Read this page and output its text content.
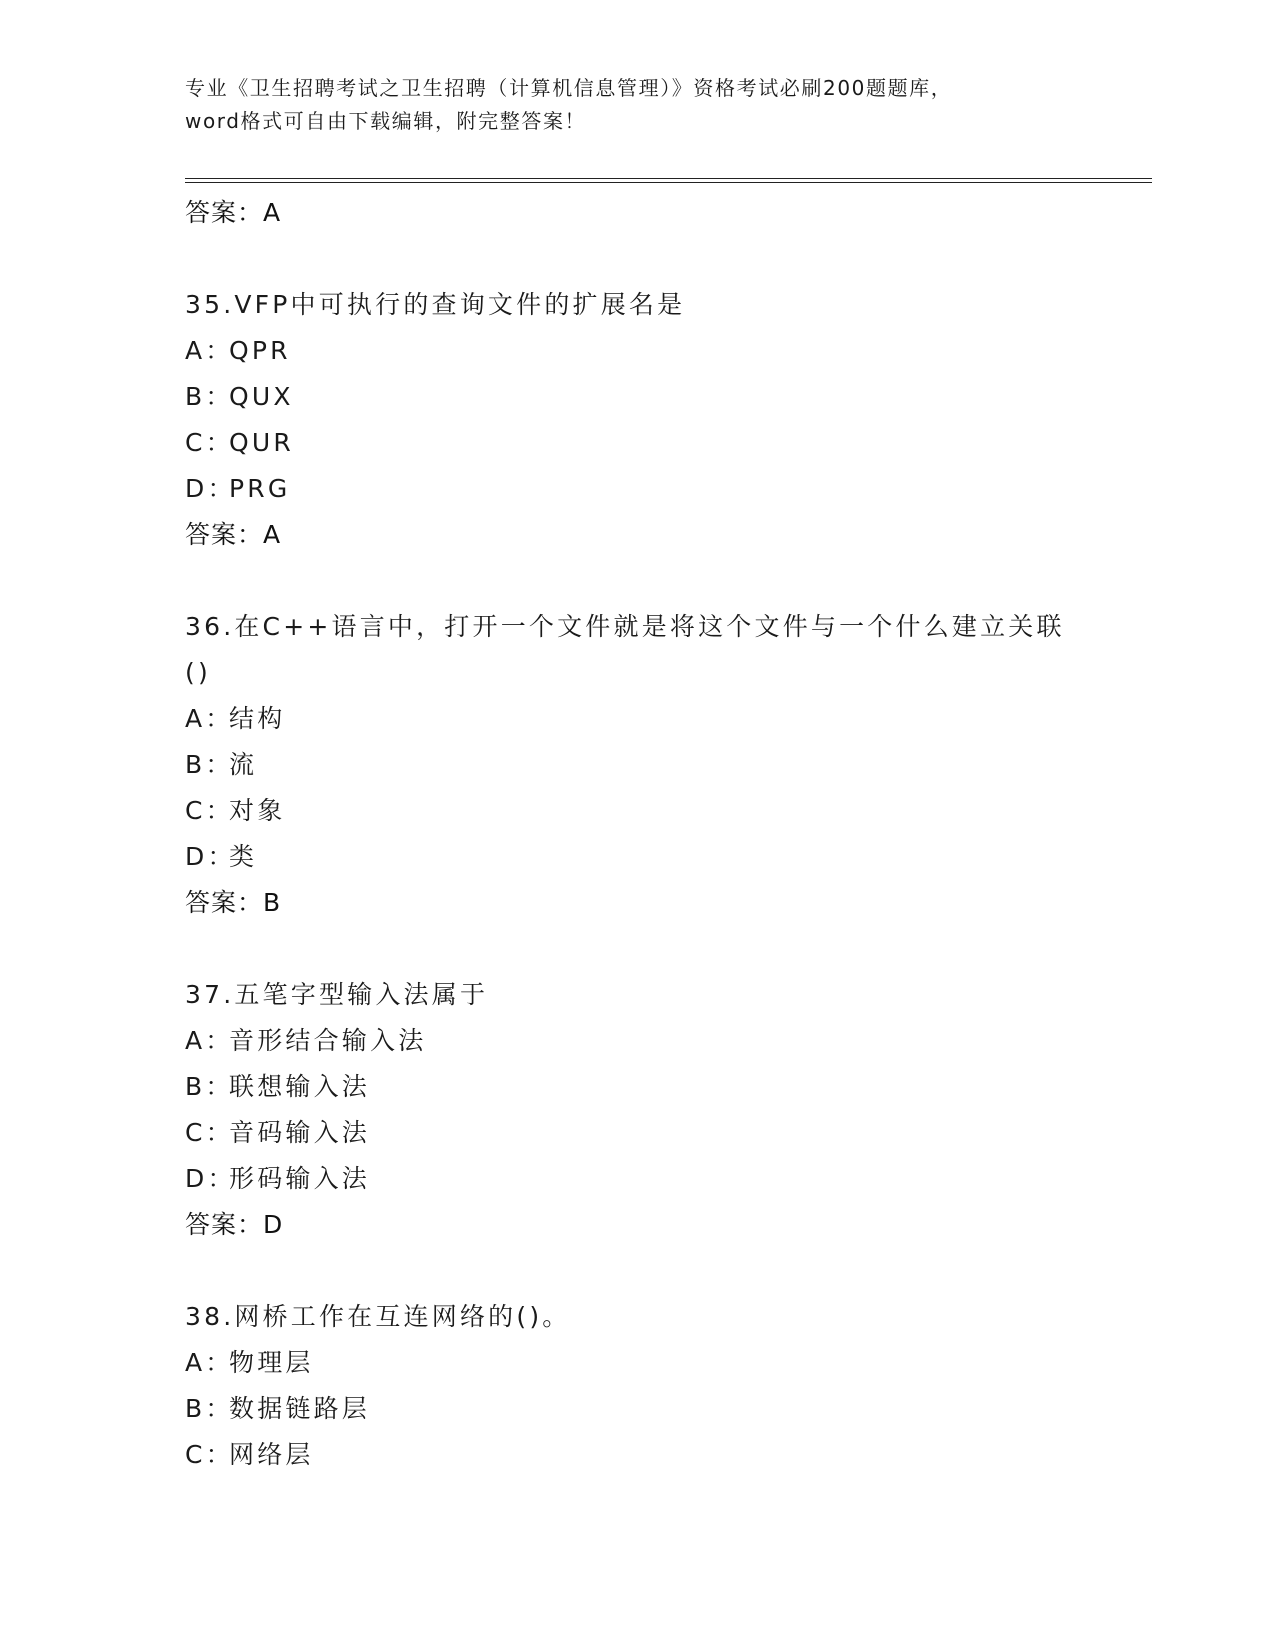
专业《卫生招聘考试之卫生招聘（计算机信息管理）》资格考试必刷200题题库，
word格式可自由下载编辑，附完整答案！
答案：A
35.VFP中可执行的查询文件的扩展名是
A：QPR
B：QUX
C：QUR
D：PRG
答案：A
36.在C++语言中，打开一个文件就是将这个文件与一个什么建立关联()
A：结构
B：流
C：对象
D：类
答案：B
37.五笔字型输入法属于
A：音形结合输入法
B：联想输入法
C：音码输入法
D：形码输入法
答案：D
38.网桥工作在互连网络的()。
A：物理层
B：数据链路层
C：网络层
